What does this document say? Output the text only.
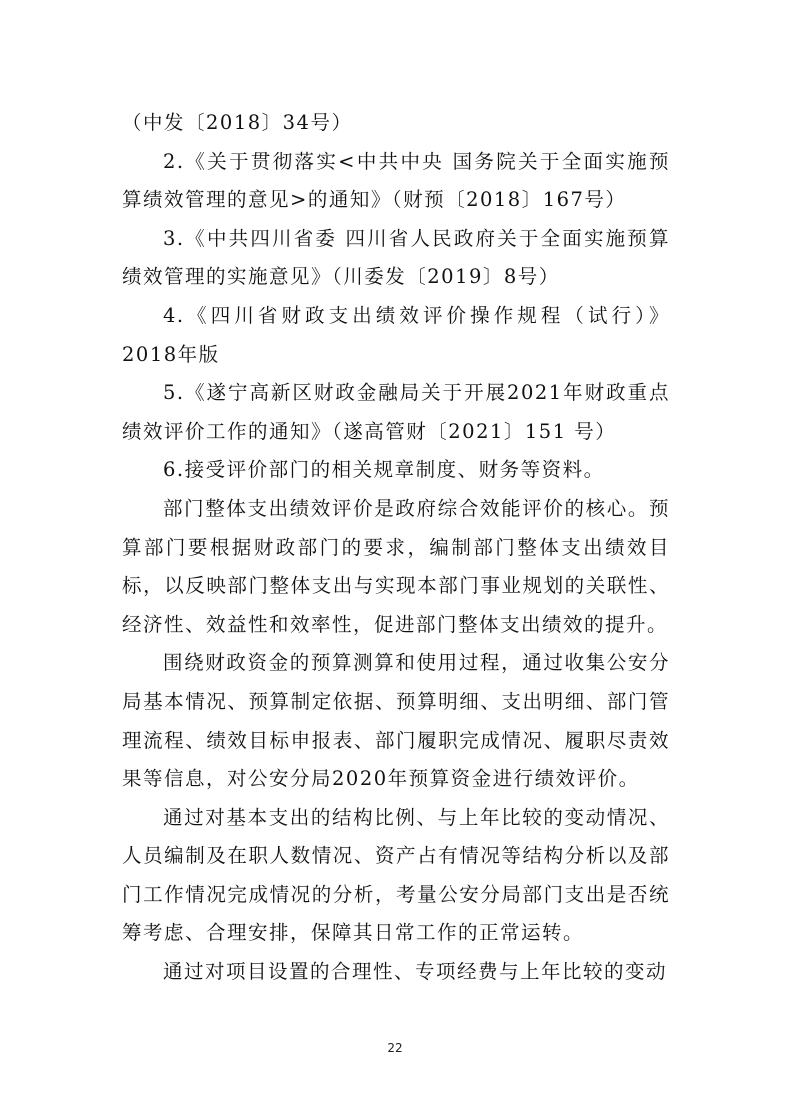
（中发〔2018〕34号）

2.《关于贯彻落实<中共中央 国务院关于全面实施预算绩效管理的意见>的通知》（财预〔2018〕167号）

3.《中共四川省委 四川省人民政府关于全面实施预算绩效管理的实施意见》（川委发〔2019〕8号）

4.《四川省财政支出绩效评价操作规程（试行）》2018年版

5.《遂宁高新区财政金融局关于开展2021年财政重点绩效评价工作的通知》（遂高管财〔2021〕151 号）

6.接受评价部门的相关规章制度、财务等资料。

部门整体支出绩效评价是政府综合效能评价的核心。预算部门要根据财政部门的要求，编制部门整体支出绩效目标，以反映部门整体支出与实现本部门事业规划的关联性、经济性、效益性和效率性，促进部门整体支出绩效的提升。

围绕财政资金的预算测算和使用过程，通过收集公安分局基本情况、预算制定依据、预算明细、支出明细、部门管理流程、绩效目标申报表、部门履职完成情况、履职尽责效果等信息，对公安分局2020年预算资金进行绩效评价。

通过对基本支出的结构比例、与上年比较的变动情况、人员编制及在职人数情况、资产占有情况等结构分析以及部门工作情况完成情况的分析，考量公安分局部门支出是否统筹考虑、合理安排，保障其日常工作的正常运转。

通过对项目设置的合理性、专项经费与上年比较的变动

22
